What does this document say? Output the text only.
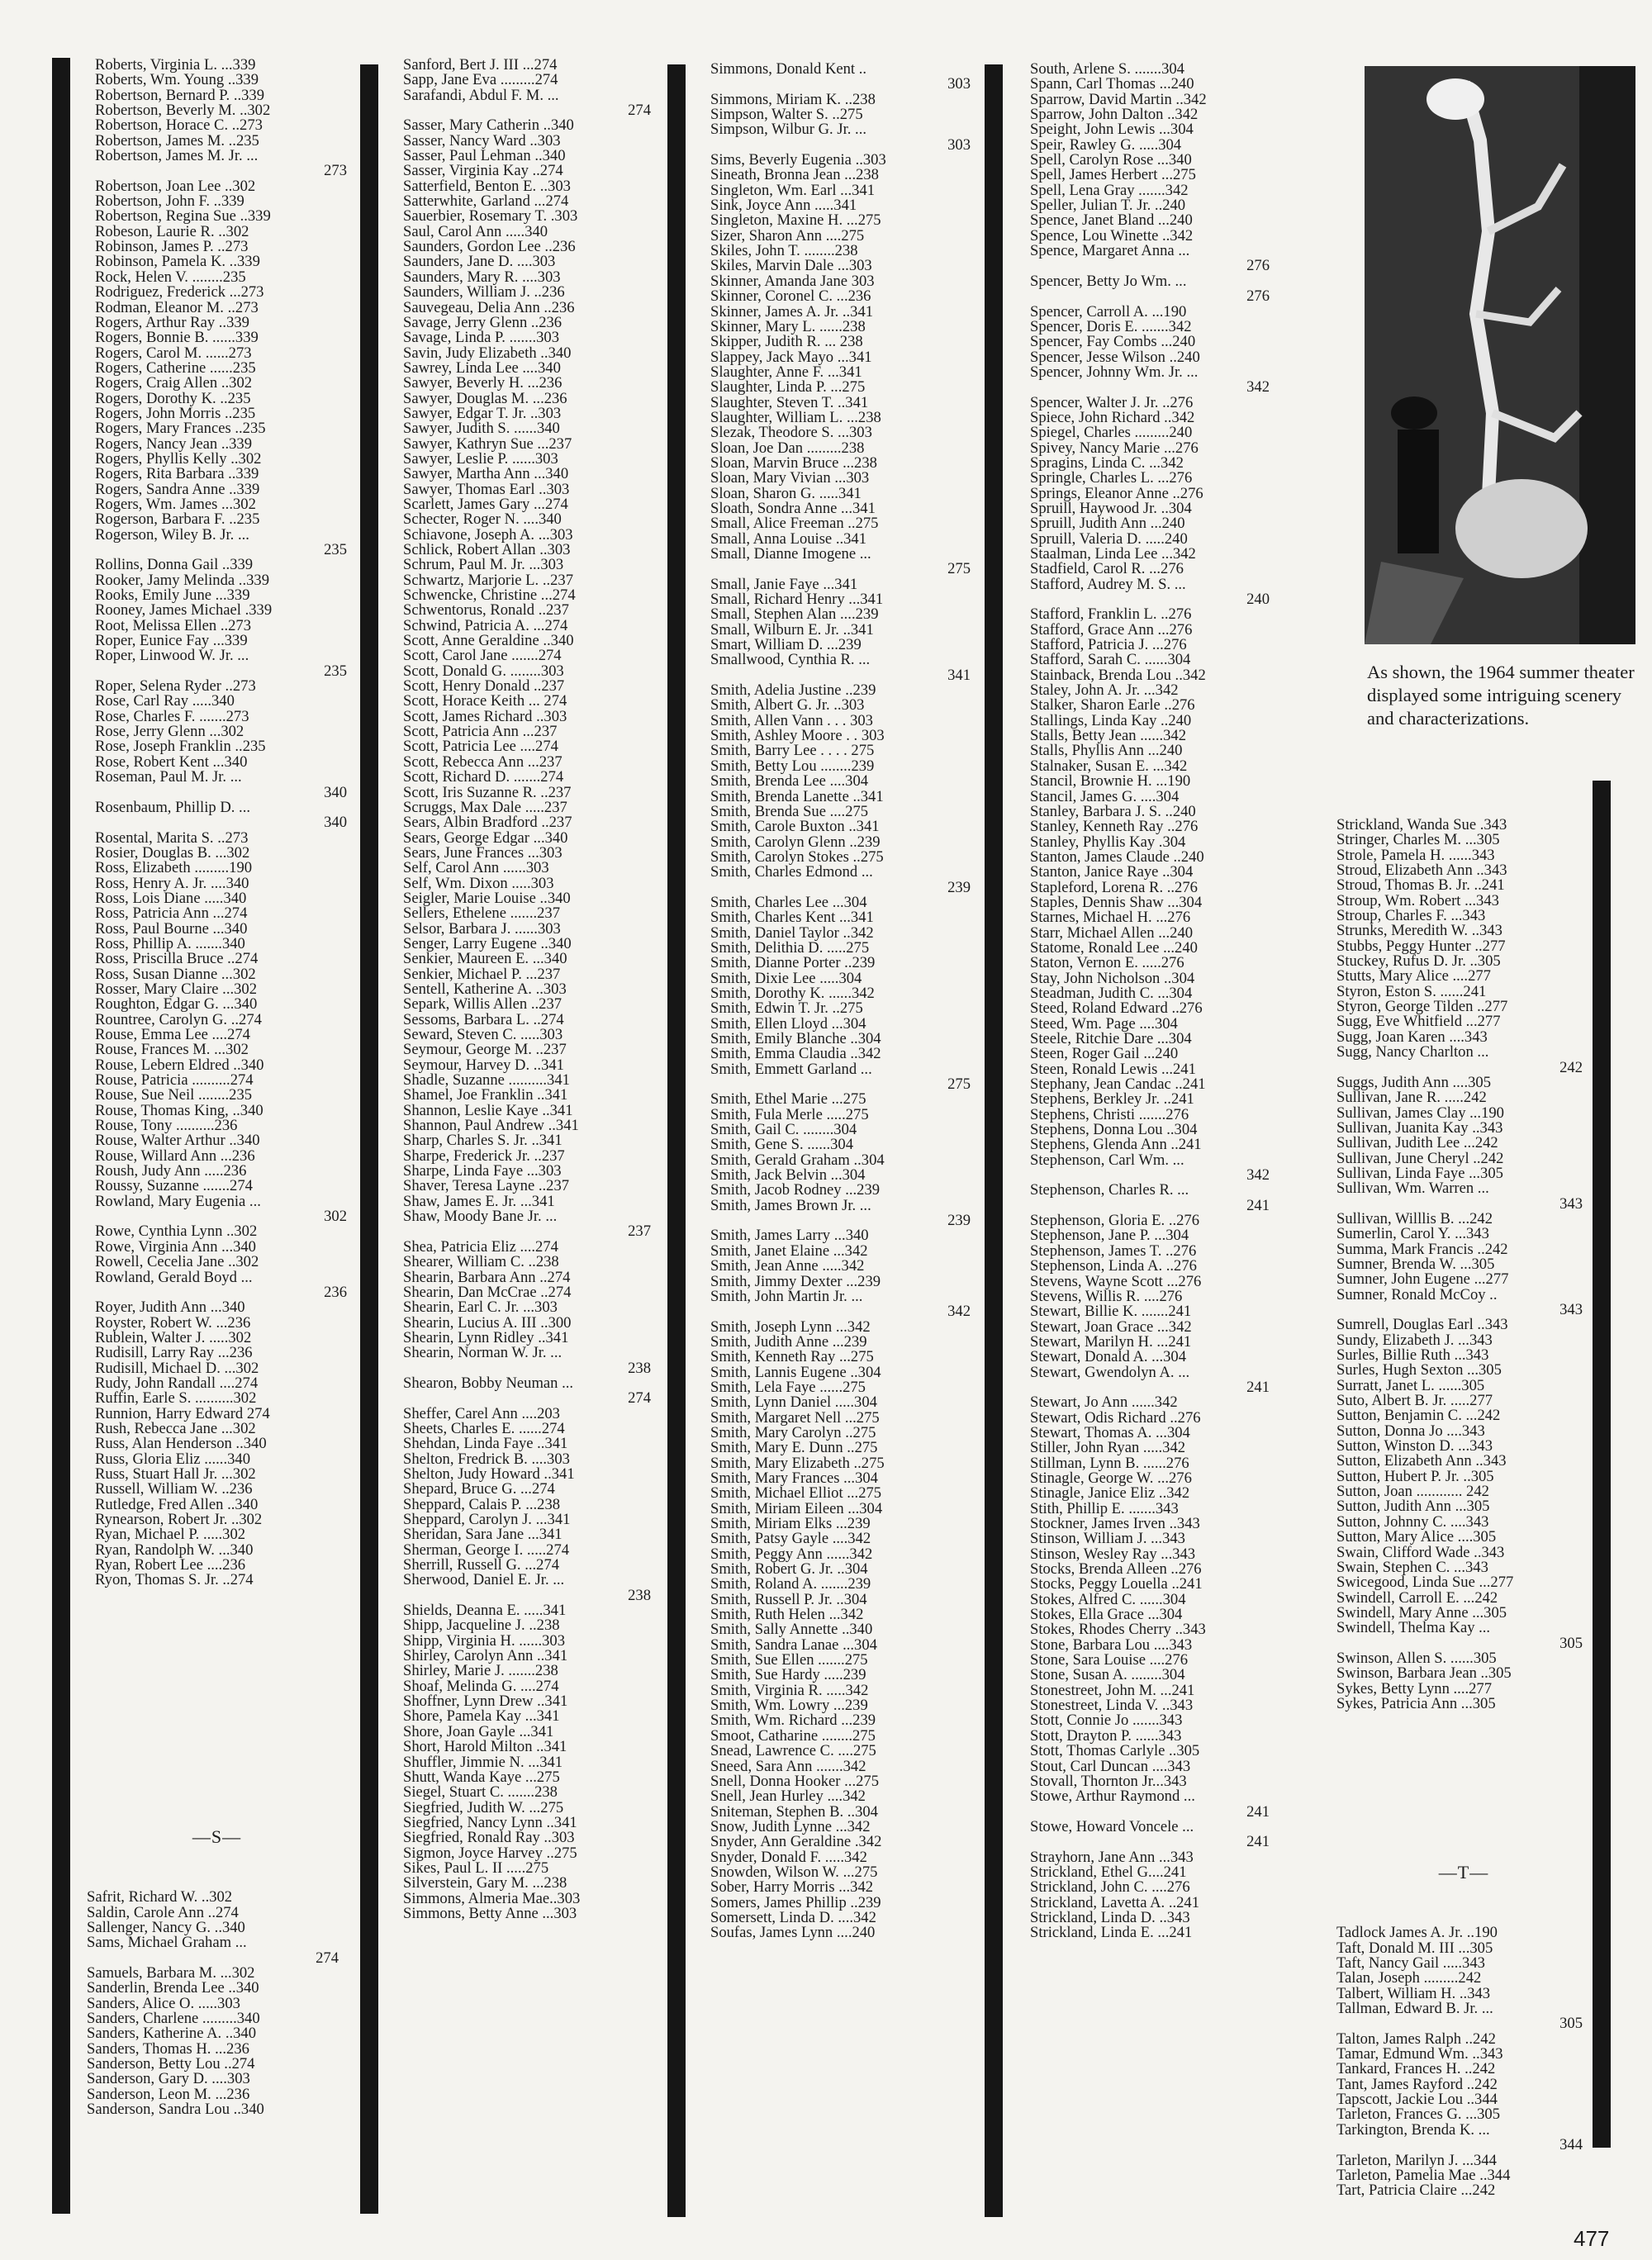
Roberts, Virginia L. ...339
Roberts, Wm. Young ..339
Robertson, Bernard P. ..339
Robertson, Beverly M. ..302
Robertson, Horace C. ..273
Robertson, James M. ..235
Robertson, James M. Jr. ...
273
Robertson, Joan Lee ..302
Robertson, John F. ..339
Robertson, Regina Sue ..339
Robeson, Laurie R. ..302
Robinson, James P. ..273
Robinson, Pamela K. ..339
Rock, Helen V. ........235
Rodriguez, Frederick ...273
Rodman, Eleanor M. ..273
Rogers, Arthur Ray ..339
Rogers, Bonnie B. ......339
Rogers, Carol M. ......273
Rogers, Catherine ......235
Rogers, Craig Allen ..302
Rogers, Dorothy K. ..235
Rogers, John Morris ..235
Rogers, Mary Frances ..235
Rogers, Nancy Jean ..339
Rogers, Phyllis Kelly ..302
Rogers, Rita Barbara ..339
Rogers, Sandra Anne ..339
Rogers, Wm. James ...302
Rogerson, Barbara F. ..235
Rogerson, Wiley B. Jr. ...
235
Rollins, Donna Gail ..339
Rooker, Jamy Melinda ..339
Rooks, Emily June ...339
Rooney, James Michael .339
Root, Melissa Ellen ..273
Roper, Eunice Fay ...339
Roper, Linwood W. Jr. ...
235
Roper, Selena Ryder ..273
Rose, Carl Ray .....340
Rose, Charles F. .......273
Rose, Jerry Glenn ...302
Rose, Joseph Franklin ..235
Rose, Robert Kent ...340
Roseman, Paul M. Jr. ...
340
Rosenbaum, Phillip D. ...
340
Rosental, Marita S. ..273
Rosier, Douglas B. ...302
Ross, Elizabeth .........190
Ross, Henry A. Jr. ....340
Ross, Lois Diane .....340
Ross, Patricia Ann ...274
Ross, Paul Bourne ...340
Ross, Phillip A. .......340
Ross, Priscilla Bruce ..274
Ross, Susan Dianne ...302
Rosser, Mary Claire ...302
Roughton, Edgar G. ...340
Rountree, Carolyn G. ..274
Rouse, Emma Lee ....274
Rouse, Frances M. ...302
Rouse, Lebern Eldred ..340
Rouse, Patricia ..........274
Rouse, Sue Neil ........235
Rouse, Thomas King, ..340
Rouse, Tony ..........236
Rouse, Walter Arthur ..340
Rouse, Willard Ann ...236
Roush, Judy Ann .....236
Roussy, Suzanne .......274
Rowland, Mary Eugenia ...
302
Rowe, Cynthia Lynn ..302
Rowe, Virginia Ann ...340
Rowell, Cecelia Jane ..302
Rowland, Gerald Boyd ...
236
Royer, Judith Ann ...340
Royster, Robert W. ...236
Rublein, Walter J. .....302
Rudisill, Larry Ray ...236
Rudisill, Michael D. ...302
Rudy, John Randall ....274
Ruffin, Earle S. ..........302
Runnion, Harry Edward 274
Rush, Rebecca Jane ...302
Russ, Alan Henderson ..340
Russ, Gloria Eliz ......340
Russ, Stuart Hall Jr. ...302
Russell, William W. ..236
Rutledge, Fred Allen ..340
Rynearson, Robert Jr. ..302
Ryan, Michael P. .....302
Ryan, Randolph W. ...340
Ryan, Robert Lee ....236
Ryon, Thomas S. Jr. ..274
—S—
Safrit, Richard W. ..302
Saldin, Carole Ann ..274
Sallenger, Nancy G. ..340
Sams, Michael Graham ...
274
Samuels, Barbara M. ...302
Sanderlin, Brenda Lee ..340
Sanders, Alice O. .....303
Sanders, Charlene .........340
Sanders, Katherine A. ..340
Sanders, Thomas H. ...236
Sanderson, Betty Lou ..274
Sanderson, Gary D. ....303
Sanderson, Leon M. ...236
Sanderson, Sandra Lou ..340
Sanford, Bert J. III ...274
Sapp, Jane Eva .........274
Sarafandi, Abdul F. M. ...
274
Sasser, Mary Catherin ..340
Sasser, Nancy Ward ..303
Sasser, Paul Lehman ..340
Sasser, Virginia Kay ..274
Satterfield, Benton E. ..303
Satterwhite, Garland ...274
Sauerbier, Rosemary T. .303
Saul, Carol Ann .....340
Saunders, Gordon Lee ..236
Saunders, Jane D. ....303
Saunders, Mary R. ....303
Saunders, William J. ..236
Sauvegeau, Delia Ann ..236
Savage, Jerry Glenn ..236
Savage, Linda P. .......303
Savin, Judy Elizabeth ..340
Sawrey, Linda Lee ....340
Sawyer, Beverly H. ...236
Sawyer, Douglas M. ...236
Sawyer, Edgar T. Jr. ..303
Sawyer, Judith S. ......340
Sawyer, Kathryn Sue ...237
Sawyer, Leslie P. ......303
Sawyer, Martha Ann ...340
Sawyer, Thomas Earl ..303
Scarlett, James Gary ...274
Schecter, Roger N. ....340
Schiavone, Joseph A. ...303
Schlick, Robert Allan ..303
Schrum, Paul M. Jr. ...303
Schwartz, Marjorie L. ..237
Schwencke, Christine ...274
Schwentorus, Ronald ..237
Schwind, Patricia A. ...274
Scott, Anne Geraldine ..340
Scott, Carol Jane .......274
Scott, Donald G. ........303
Scott, Henry Donald ..237
Scott, Horace Keith ... 274
Scott, James Richard ..303
Scott, Patricia Ann ...237
Scott, Patricia Lee ....274
Scott, Rebecca Ann ...237
Scott, Richard D. .......274
Scott, Iris Suzanne R. ..237
Scruggs, Max Dale .....237
Sears, Albin Bradford ..237
Sears, George Edgar ...340
Sears, June Frances ...303
Self, Carol Ann ......303
Self, Wm. Dixon .....303
Seigler, Marie Louise ..340
Sellers, Ethelene .......237
Selsor, Barbara J. ......303
Senger, Larry Eugene ..340
Senkier, Maureen E. ...340
Senkier, Michael P. ...237
Sentell, Katherine A. ..303
Separk, Willis Allen ..237
Sessoms, Barbara L. ..274
Seward, Steven C. .....303
Seymour, George M. ..237
Seymour, Harvey D. ..341
Shadle, Suzanne ..........341
Shamel, Joe Franklin ..341
Shannon, Leslie Kaye ..341
Shannon, Paul Andrew ..341
Sharp, Charles S. Jr. ..341
Sharpe, Frederick Jr. ..237
Sharpe, Linda Faye ...303
Shaver, Teresa Layne ..237
Shaw, James E. Jr. ...341
Shaw, Moody Bane Jr. ...
237
Shea, Patricia Eliz ....274
Shearer, William C. ..238
Shearin, Barbara Ann ..274
Shearin, Dan McCrae ..274
Shearin, Earl C. Jr. ...303
Shearin, Lucius A. III ..300
Shearin, Lynn Ridley ..341
Shearin, Norman W. Jr. ...
238
Shearon, Bobby Neuman ...
274
Sheffer, Carel Ann ....203
Sheets, Charles E. ......274
Shehdan, Linda Faye ..341
Shelton, Fredrick B. ....303
Shelton, Judy Howard ..341
Shepard, Bruce G. ...274
Sheppard, Calais P. ...238
Sheppard, Carolyn J. ...341
Sheridan, Sara Jane ...341
Sherman, George I. .....274
Sherrill, Russell G. ...274
Sherwood, Daniel E. Jr. ...
238
Shields, Deanna E. .....341
Shipp, Jacqueline J. ..238
Shipp, Virginia H. ......303
Shirley, Carolyn Ann ..341
Shirley, Marie J. .......238
Shoaf, Melinda G. ....274
Shoffner, Lynn Drew ..341
Shore, Pamela Kay ...341
Shore, Joan Gayle ...341
Short, Harold Milton ..341
Shuffler, Jimmie N. ...341
Shutt, Wanda Kaye ...275
Siegel, Stuart C. .......238
Siegfried, Judith W. ...275
Siegfried, Nancy Lynn ..341
Siegfried, Ronald Ray ..303
Sigmon, Joyce Harvey ..275
Sikes, Paul L. II .....275
Silverstein, Gary M. ...238
Simmons, Almeria Mae..303
Simmons, Betty Anne ...303
Simmons, Donald Kent ..
303
Simmons, Miriam K. ..238
Simpson, Walter S. ..275
Simpson, Wilbur G. Jr. ...
303
Sims, Beverly Eugenia ..303
Sineath, Bronna Jean ...238
Singleton, Wm. Earl ...341
Sink, Joyce Ann .....341
Singleton, Maxine H. ...275
Sizer, Sharon Ann ....275
Skiles, John T. ........238
Skiles, Marvin Dale ...303
Skinner, Amanda Jane 303
Skinner, Coronel C. ...236
Skinner, James A. Jr. ..341
Skinner, Mary L. ......238
Skipper, Judith R. ... 238
Slappey, Jack Mayo ...341
Slaughter, Anne F. ...341
Slaughter, Linda P. ...275
Slaughter, Steven T. ..341
Slaughter, William L. ...238
Slezak, Theodore S. ...303
Sloan, Joe Dan .........238
Sloan, Marvin Bruce ...238
Sloan, Mary Vivian ...303
Sloan, Sharon G. .....341
Sloath, Sondra Anne ...341
Small, Alice Freeman ..275
Small, Anna Louise ..341
Small, Dianne Imogene ...
275
Small, Janie Faye ...341
Small, Richard Henry ...341
Small, Stephen Alan ....239
Small, Wilburn E. Jr. ..341
Smart, William D. ...239
Smallwood, Cynthia R. ...
341
Smith, Adelia Justine ..239
Smith, Albert G. Jr. ..303
Smith, Allen Vann . . . 303
Smith, Ashley Moore . . 303
Smith, Barry Lee . . . . 275
Smith, Betty Lou ........239
Smith, Brenda Lee ....304
Smith, Brenda Lanette ..341
Smith, Brenda Sue ....275
Smith, Carole Buxton ..341
Smith, Carolyn Glenn ..239
Smith, Carolyn Stokes ..275
Smith, Charles Edmond ...
239
Smith, Charles Lee ...304
Smith, Charles Kent ...341
Smith, Daniel Taylor ..342
Smith, Delithia D. .....275
Smith, Dianne Porter ..239
Smith, Dixie Lee .....304
Smith, Dorothy K. ......342
Smith, Edwin T. Jr. ..275
Smith, Ellen Lloyd ...304
Smith, Emily Blanche ..304
Smith, Emma Claudia ..342
Smith, Emmett Garland ...
275
Smith, Ethel Marie ...275
Smith, Fula Merle .....275
Smith, Gail C. ........304
Smith, Gene S. ......304
Smith, Gerald Graham ..304
Smith, Jack Belvin ...304
Smith, Jacob Rodney ...239
Smith, James Brown Jr. ...
239
Smith, James Larry ...340
Smith, Janet Elaine ...342
Smith, Jean Anne .....342
Smith, Jimmy Dexter ...239
Smith, John Martin Jr. ...
342
Smith, Joseph Lynn ...342
Smith, Judith Anne ...239
Smith, Kenneth Ray ...275
Smith, Lannis Eugene ..304
Smith, Lela Faye ......275
Smith, Lynn Daniel .....304
Smith, Margaret Nell ...275
Smith, Mary Carolyn ..275
Smith, Mary E. Dunn ..275
Smith, Mary Elizabeth ..275
Smith, Mary Frances ...304
Smith, Michael Elliot ...275
Smith, Miriam Eileen ...304
Smith, Miriam Elks ...239
Smith, Patsy Gayle ....342
Smith, Peggy Ann ......342
Smith, Robert G. Jr. ..304
Smith, Roland A. .......239
Smith, Russell P. Jr. ..304
Smith, Ruth Helen ...342
Smith, Sally Annette ..340
Smith, Sandra Lanae ...304
Smith, Sue Ellen .......275
Smith, Sue Hardy .....239
Smith, Virginia R. .....342
Smith, Wm. Lowry ...239
Smith, Wm. Richard ...239
Smoot, Catharine ........275
Snead, Lawrence C. ....275
Sneed, Sara Ann .......342
Snell, Donna Hooker ...275
Snell, Jean Hurley ....342
Sniteman, Stephen B. ..304
Snow, Judith Lynne ...342
Snyder, Ann Geraldine .342
Snyder, Donald F. .....342
Snowden, Wilson W. ...275
Sober, Harry Morris ...342
Somers, James Phillip ..239
Somersett, Linda D. ....342
Soufas, James Lynn ....240
South, Arlene S. .......304
Spann, Carl Thomas ...240
Sparrow, David Martin ..342
Sparrow, John Dalton ..342
Speight, John Lewis ...304
Speir, Rawley G. .....304
Spell, Carolyn Rose ...340
Spell, James Herbert ...275
Spell, Lena Gray .......342
Speller, Julian T. Jr. ..240
Spence, Janet Bland ...240
Spence, Lou Winette ..342
Spence, Margaret Anna ...
276
Spencer, Betty Jo Wm. ...
276
Spencer, Carroll A. ...190
Spencer, Doris E. .......342
Spencer, Fay Combs ...240
Spencer, Jesse Wilson ..240
Spencer, Johnny Wm. Jr. ...
342
Spencer, Walter J. Jr. ..276
Spiece, John Richard ..342
Spiegel, Charles .........240
Spivey, Nancy Marie ...276
Spragins, Linda C. ...342
Springle, Charles L. ...276
Springs, Eleanor Anne ..276
Spruill, Haywood Jr. ..304
Spruill, Judith Ann ...240
Spruill, Valeria D. .....240
Staalman, Linda Lee ...342
Stadfield, Carol R. ...276
Stafford, Audrey M. S. ...
240
Stafford, Franklin L. ..276
Stafford, Grace Ann ...276
Stafford, Patricia J. ...276
Stafford, Sarah C. ......304
Stainback, Brenda Lou ..342
Staley, John A. Jr. ...342
Stalker, Sharon Earle ..276
Stallings, Linda Kay ..240
Stalls, Betty Jean ......342
Stalls, Phyllis Ann ...240
Stalnaker, Susan E. ...342
Stancil, Brownie H. ...190
Stancil, James G. ....304
Stanley, Barbara J. S. ..240
Stanley, Kenneth Ray ..276
Stanley, Phyllis Kay .304
Stanton, James Claude ..240
Stanton, Janice Raye ..304
Stapleford, Lorena R. ..276
Staples, Dennis Shaw ...304
Starnes, Michael H. ...276
Starr, Michael Allen ...240
Statome, Ronald Lee ...240
Staton, Vernon E. .....276
Stay, John Nicholson ..304
Steadman, Judith C. ...304
Steed, Roland Edward ..276
Steed, Wm. Page ....304
Steele, Ritchie Dare ...304
Steen, Roger Gail ...240
Steen, Ronald Lewis ...241
Stephany, Jean Candac ..241
Stephens, Berkley Jr. ..241
Stephens, Christi .......276
Stephens, Donna Lou ..304
Stephens, Glenda Ann ..241
Stephenson, Carl Wm. ...
342
Stephenson, Charles R. ...
241
Stephenson, Gloria E. ..276
Stephenson, Jane P. ...304
Stephenson, James T. ..276
Stephenson, Linda A. ..276
Stevens, Wayne Scott ...276
Stevens, Willis R. ....276
Stewart, Billie K. .......241
Stewart, Joan Grace ...342
Stewart, Marilyn H. ...241
Stewart, Donald A. ...304
Stewart, Gwendolyn A. ...
241
Stewart, Jo Ann ......342
Stewart, Odis Richard ..276
Stewart, Thomas A. ...304
Stiller, John Ryan .....342
Stillman, Lynn B. ......276
Stinagle, George W. ...276
Stinagle, Janice Eliz ..342
Stith, Phillip E. .......343
Stockner, James Irven ..343
Stinson, William J. ...343
Stinson, Wesley Ray ...343
Stocks, Brenda Alleen ..276
Stocks, Peggy Louella ..241
Stokes, Alfred C. ......304
Stokes, Ella Grace ...304
Stokes, Rhodes Cherry ..343
Stone, Barbara Lou ....343
Stone, Sara Louise ....276
Stone, Susan A. ........304
Stonestreet, John M. ...241
Stonestreet, Linda V. ..343
Stott, Connie Jo .......343
Stott, Drayton P. ......343
Stott, Thomas Carlyle ..305
Stout, Carl Duncan ....343
Stovall, Thornton Jr...343
Stowe, Arthur Raymond ...
241
Stowe, Howard Voncele ...
241
Strayhorn, Jane Ann ...343
Strickland, Ethel G....241
Strickland, John C. ....276
Strickland, Lavetta A. ..241
Strickland, Linda D. ..343
Strickland, Linda E. ...241
Strickland, Wanda Sue .343
Stringer, Charles M. ...305
Strole, Pamela H. ......343
Stroud, Elizabeth Ann ..343
Stroud, Thomas B. Jr. ..241
Stroup, Wm. Robert ...343
Stroup, Charles F. ...343
Strunks, Meredith W. ..343
Stubbs, Peggy Hunter ..277
Stuckey, Rufus D. Jr. ..305
Stutts, Mary Alice ....277
Styron, Eston S. ......241
Styron, George Tilden ..277
Sugg, Eve Whitfield ...277
Sugg, Joan Karen ....343
Sugg, Nancy Charlton ...
242
Suggs, Judith Ann ....305
Sullivan, Jane R. .....242
Sullivan, James Clay ...190
Sullivan, Juanita Kay ..343
Sullivan, Judith Lee ...242
Sullivan, June Cheryl ..242
Sullivan, Linda Faye ...305
Sullivan, Wm. Warren ...
343
Sullivan, Willlis B. ...242
Sumerlin, Carol Y. ...343
Summa, Mark Francis ..242
Sumner, Brenda W. ...305
Sumner, John Eugene ...277
Sumner, Ronald McCoy ..
343
Sumrell, Douglas Earl ..343
Sundy, Elizabeth J. ...343
Surles, Billie Ruth ...343
Surles, Hugh Sexton ...305
Surratt, Janet L. ......305
Suto, Albert B. Jr. .....277
Sutton, Benjamin C. ...242
Sutton, Donna Jo ....343
Sutton, Winston D. ...343
Sutton, Elizabeth Ann ..343
Sutton, Hubert P. Jr. ..305
Sutton, Joan ............ 242
Sutton, Judith Ann ...305
Sutton, Johnny C. ....343
Sutton, Mary Alice ....305
Swain, Clifford Wade ..343
Swain, Stephen C. ...343
Swicegood, Linda Sue ...277
Swindell, Carroll E. ...242
Swindell, Mary Anne ...305
Swindell, Thelma Kay ...
305
Swinson, Allen S. ......305
Swinson, Barbara Jean ..305
Sykes, Betty Lynn ....277
Sykes, Patricia Ann ...305
—T—
Tadlock James A. Jr. ..190
Taft, Donald M. III ...305
Taft, Nancy Gail .....343
Talan, Joseph .........242
Talbert, William H. ..343
Tallman, Edward B. Jr. ...
305
Talton, James Ralph ..242
Tamar, Edmund Wm. ..343
Tankard, Frances H. ..242
Tant, James Rayford ..242
Tapscott, Jackie Lou ..344
Tarleton, Frances G. ...305
Tarkington, Brenda K. ...
344
Tarleton, Marilyn J. ...344
Tarleton, Pamelia Mae ..344
Tart, Patricia Claire ...242
As shown, the 1964 summer theater displayed some intriguing scenery and characterizations.
477
